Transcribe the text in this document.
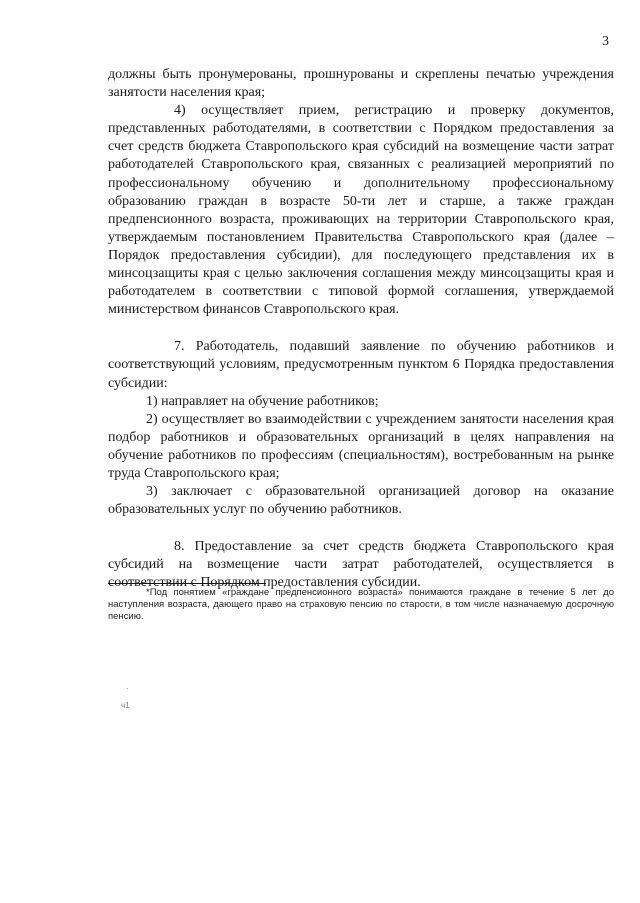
3

должны быть пронумерованы, прошнурованы и скреплены печатью учреждения занятости населения края;

4) осуществляет прием, регистрацию и проверку документов, представленных работодателями, в соответствии с Порядком предоставления за счет средств бюджета Ставропольского края субсидий на возмещение части затрат работодателей Ставропольского края, связанных с реализацией мероприятий по профессиональному обучению и дополнительному профессиональному образованию граждан в возрасте 50-ти лет и старше, а также граждан предпенсионного возраста, проживающих на территории Ставропольского края, утверждаемым постановлением Правительства Ставропольского края (далее – Порядок предоставления субсидии), для последующего представления их в минсоцзащиты края с целью заключения соглашения между минсоцзащиты края и работодателем в соответствии с типовой формой соглашения, утверждаемой министерством финансов Ставропольского края.

7. Работодатель, подавший заявление по обучению работников и соответствующий условиям, предусмотренным пунктом 6 Порядка предоставления субсидии:

1) направляет на обучение работников;

2) осуществляет во взаимодействии с учреждением занятости населения края подбор работников и образовательных организаций в целях направления на обучение работников по профессиям (специальностям), востребованным на рынке труда Ставропольского края;

3) заключает с образовательной организацией договор на оказание образовательных услуг по обучению работников.

8. Предоставление за счет средств бюджета Ставропольского края субсидий на возмещение части затрат работодателей, осуществляется в соответствии с Порядком предоставления субсидии.

*Под понятием «граждане предпенсионного возраста» понимаются граждане в течение 5 лет до наступления возраста, дающего право на страховую пенсию по старости, в том числе назначаемую досрочную пенсию.
·
ч1
